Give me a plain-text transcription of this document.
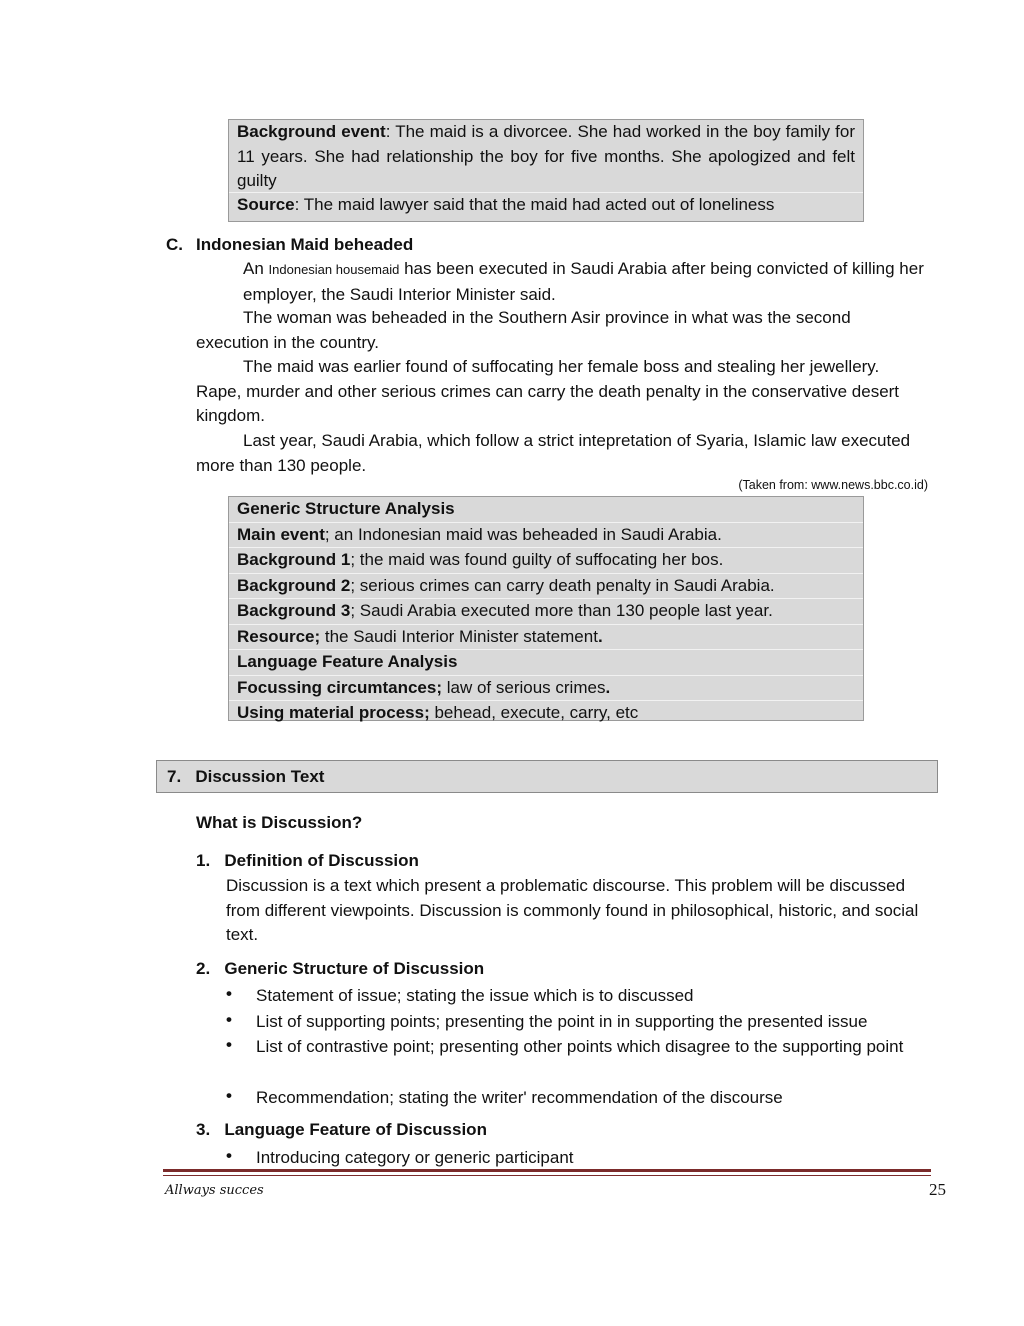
Background event: The maid is a divorcee. She had worked in the boy family for 11 years. She had relationship the boy for five months. She apologized and felt guilty
Source: The maid lawyer said that the maid had acted out of loneliness
C. Indonesian Maid beheaded
An Indonesian housemaid has been executed in Saudi Arabia after being convicted of killing her employer, the Saudi Interior Minister said.
The woman was beheaded in the Southern Asir province in what was the second execution in the country.
The maid was earlier found of suffocating her female boss and stealing her jewellery. Rape, murder and other serious crimes can carry the death penalty in the conservative desert kingdom.
Last year, Saudi Arabia, which follow a strict intepretation of Syaria, Islamic law executed more than 130 people.
(Taken from: www.news.bbc.co.id)
Generic Structure Analysis
Main event; an Indonesian maid was beheaded in Saudi Arabia.
Background 1; the maid was found guilty of suffocating her bos.
Background 2; serious crimes can carry death penalty in Saudi Arabia.
Background 3; Saudi Arabia executed more than 130 people last year.
Resource; the Saudi Interior Minister statement.
Language Feature Analysis
Focussing circumtances; law of serious crimes.
Using material process; behead, execute, carry, etc
7.   Discussion Text
What is Discussion?
1.   Definition of Discussion
Discussion is a text which present a problematic discourse. This problem will be discussed from different viewpoints. Discussion is commonly found in philosophical, historic, and social text.
2.   Generic Structure of Discussion
• Statement of issue; stating the issue which is to discussed
• List of supporting points; presenting the point in in supporting the presented issue
• List of contrastive point; presenting other points which disagree to the supporting point
• Recommendation; stating the writer' recommendation of the discourse
3.   Language Feature of Discussion
• Introducing category or generic participant
Allways succes	25
